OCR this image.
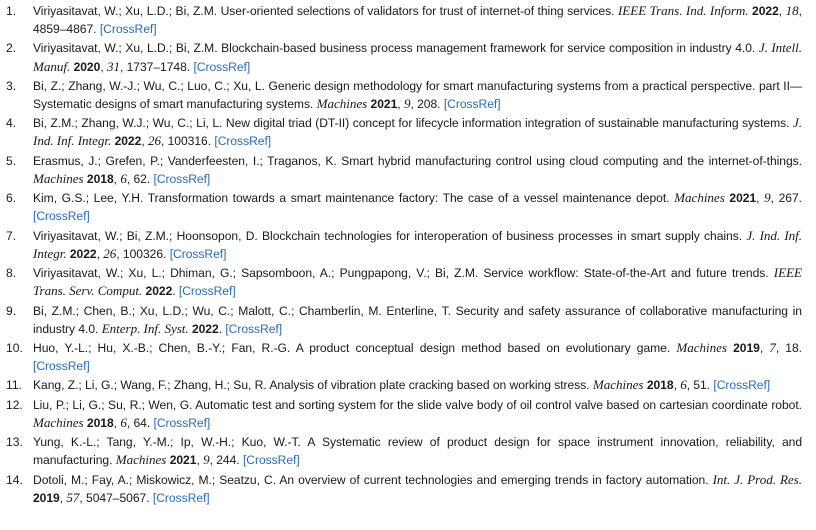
1.	Viriyasitavat, W.; Xu, L.D.; Bi, Z.M. User-oriented selections of validators for trust of internet-of thing services. IEEE Trans. Ind. Inform. 2022, 18, 4859–4867. [CrossRef]
2.	Viriyasitavat, W.; Xu, L.D.; Bi, Z.M. Blockchain-based business process management framework for service composition in industry 4.0. J. Intell. Manuf. 2020, 31, 1737–1748. [CrossRef]
3.	Bi, Z.; Zhang, W.-J.; Wu, C.; Luo, C.; Xu, L. Generic design methodology for smart manufacturing systems from a practical perspective. part II—Systematic designs of smart manufacturing systems. Machines 2021, 9, 208. [CrossRef]
4.	Bi, Z.M.; Zhang, W.J.; Wu, C.; Li, L. New digital triad (DT-II) concept for lifecycle information integration of sustainable manufacturing systems. J. Ind. Inf. Integr. 2022, 26, 100316. [CrossRef]
5.	Erasmus, J.; Grefen, P.; Vanderfeesten, I.; Traganos, K. Smart hybrid manufacturing control using cloud computing and the internet-of-things. Machines 2018, 6, 62. [CrossRef]
6.	Kim, G.S.; Lee, Y.H. Transformation towards a smart maintenance factory: The case of a vessel maintenance depot. Machines 2021, 9, 267. [CrossRef]
7.	Viriyasitavat, W.; Bi, Z.M.; Hoonsopon, D. Blockchain technologies for interoperation of business processes in smart supply chains. J. Ind. Inf. Integr. 2022, 26, 100326. [CrossRef]
8.	Viriyasitavat, W.; Xu, L.; Dhiman, G.; Sapsomboon, A.; Pungpapong, V.; Bi, Z.M. Service workflow: State-of-the-Art and future trends. IEEE Trans. Serv. Comput. 2022. [CrossRef]
9.	Bi, Z.M.; Chen, B.; Xu, L.D.; Wu, C.; Malott, C.; Chamberlin, M. Enterline, T. Security and safety assurance of collaborative manufacturing in industry 4.0. Enterp. Inf. Syst. 2022. [CrossRef]
10. Huo, Y.-L.; Hu, X.-B.; Chen, B.-Y.; Fan, R.-G. A product conceptual design method based on evolutionary game. Machines 2019, 7, 18. [CrossRef]
11. Kang, Z.; Li, G.; Wang, F.; Zhang, H.; Su, R. Analysis of vibration plate cracking based on working stress. Machines 2018, 6, 51. [CrossRef]
12. Liu, P.; Li, G.; Su, R.; Wen, G. Automatic test and sorting system for the slide valve body of oil control valve based on cartesian coordinate robot. Machines 2018, 6, 64. [CrossRef]
13. Yung, K.-L.; Tang, Y.-M.; Ip, W.-H.; Kuo, W.-T. A Systematic review of product design for space instrument innovation, reliability, and manufacturing. Machines 2021, 9, 244. [CrossRef]
14. Dotoli, M.; Fay, A.; Miskowicz, M.; Seatzu, C. An overview of current technologies and emerging trends in factory automation. Int. J. Prod. Res. 2019, 57, 5047–5067. [CrossRef]
